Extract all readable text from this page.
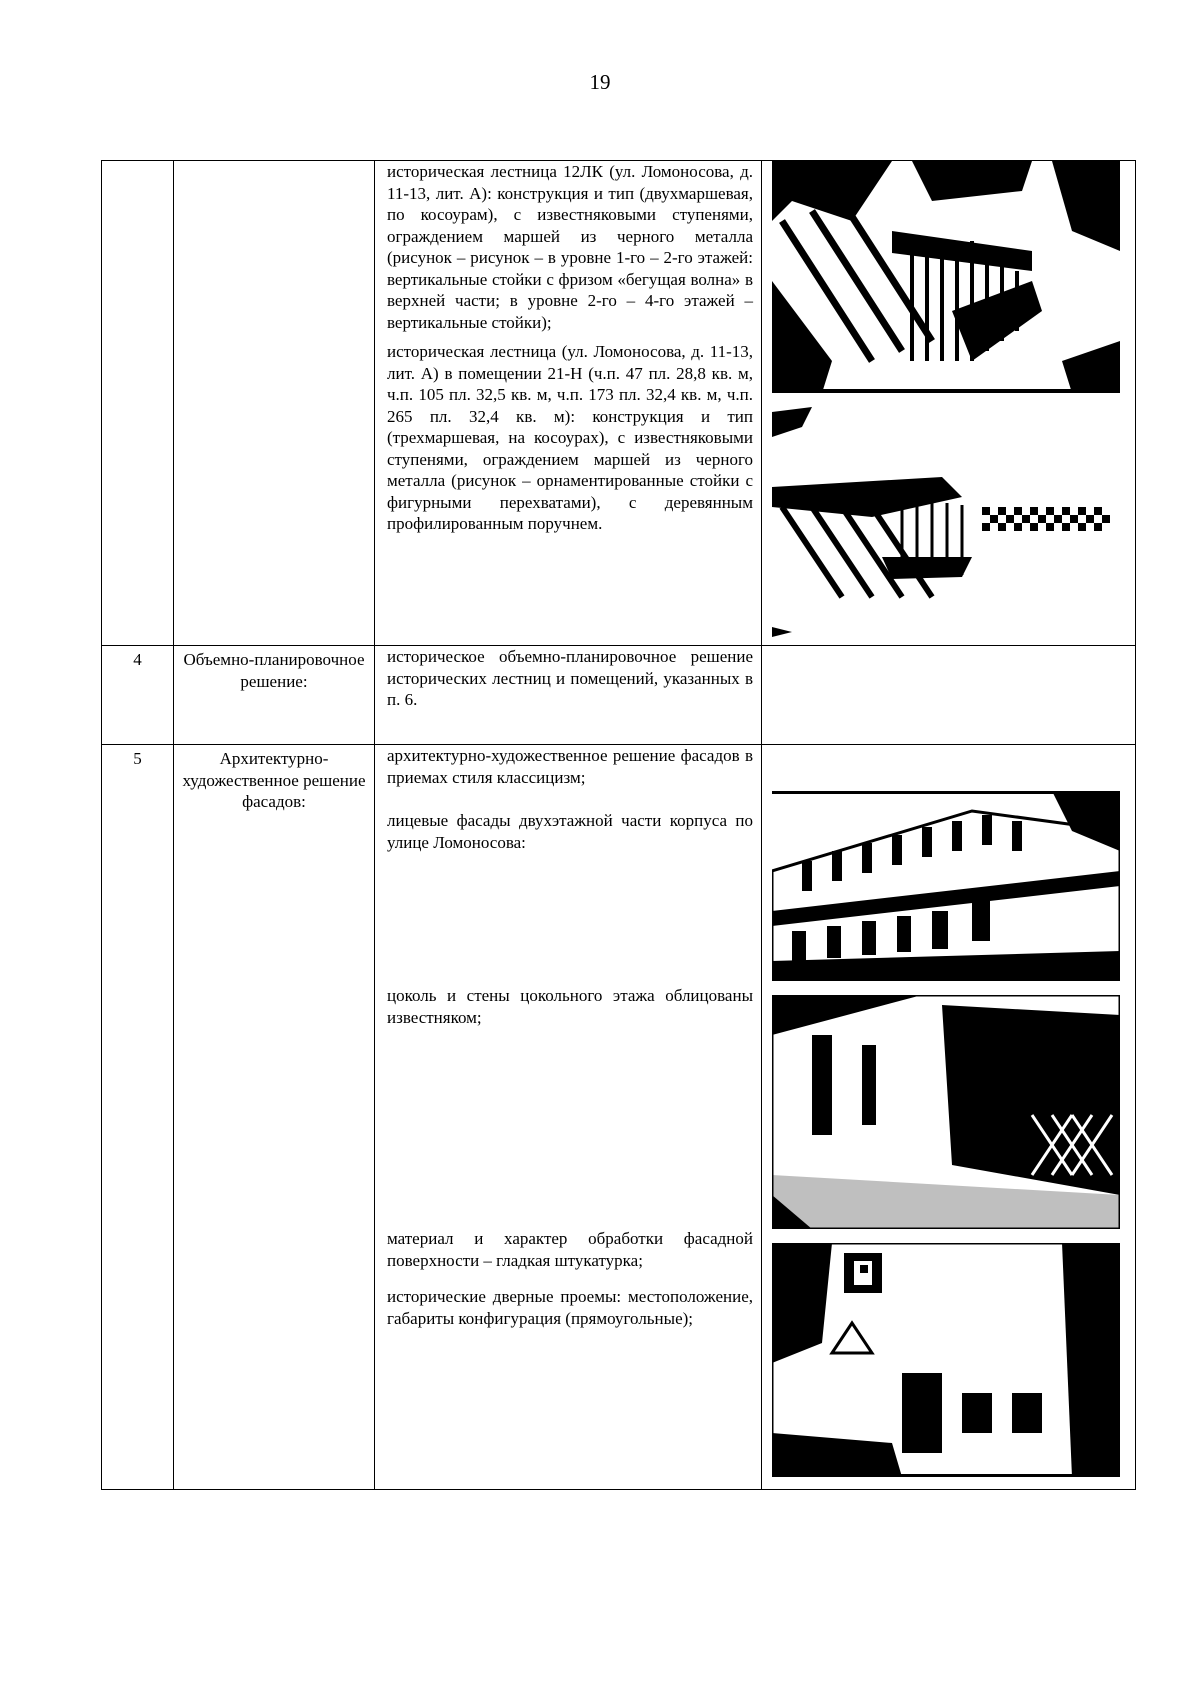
19

		историческая лестница 12ЛК (ул. Ломоносова, д. 11-13, лит. А): конструкция и тип (двухмаршевая, по косоурам), с известняковыми ступенями, ограждением маршей из черного металла (рисунок – рисунок – в уровне 1-го – 2-го этажей: вертикальные стойки с фризом «бегущая волна» в верхней части; в уровне 2-го – 4-го этажей – вертикальные стойки);

историческая лестница (ул. Ломоносова, д. 11-13, лит. А) в помещении 21-Н (ч.п. 47 пл. 28,8 кв. м, ч.п. 105 пл. 32,5 кв. м, ч.п. 173 пл. 32,4 кв. м, ч.п. 265 пл. 32,4 кв. м): конструкция и тип (трехмаршевая, на косоурах), с известняковыми ступенями, ограждением маршей из черного металла (рисунок – орнаментированные стойки с фигурными перехватами), с деревянным профилированным поручнем.

4	Объемно-планировочное решение:	историческое объемно-планировочное решение исторических лестниц и помещений, указанных в п. 6.	

5	Архитектурно-художественное решение фасадов:	архитектурно-художественное решение фасадов в приемах стиля классицизм;

лицевые фасады двухэтажной части корпуса по улице Ломоносова:

цоколь и стены цокольного этажа облицованы известняком;

материал и характер обработки фасадной поверхности – гладкая штукатурка;

исторические дверные проемы: местоположение, габариты конфигурация (прямоугольные);
